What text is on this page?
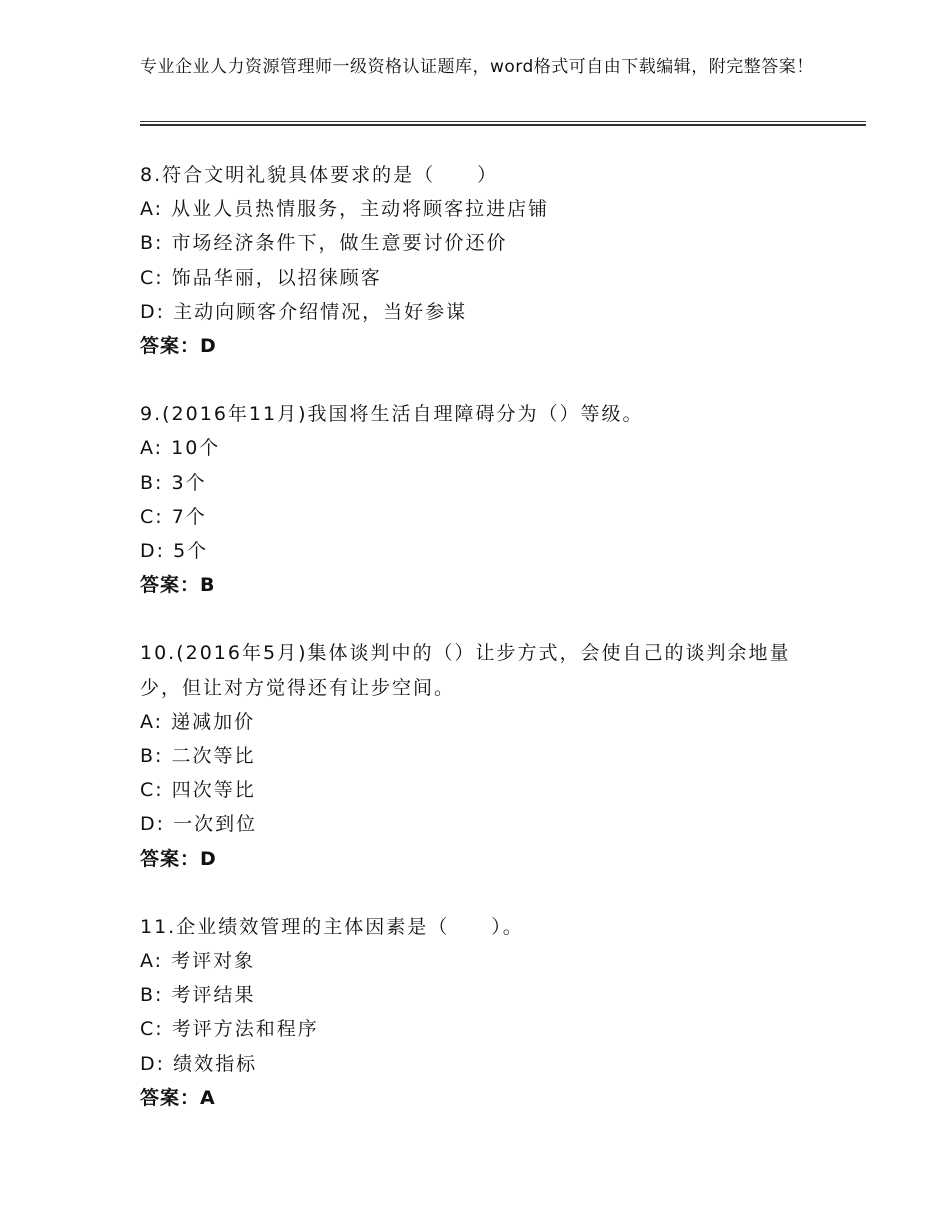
专业企业人力资源管理师一级资格认证题库，word格式可自由下载编辑，附完整答案！
8.符合文明礼貌具体要求的是（　　）
A: 从业人员热情服务，主动将顾客拉进店铺
B: 市场经济条件下，做生意要讨价还价
C: 饰品华丽，以招徕顾客
D: 主动向顾客介绍情况，当好参谋
答案：D
9.(2016年11月)我国将生活自理障碍分为（）等级。
A: 10个
B: 3个
C: 7个
D: 5个
答案：B
10.(2016年5月)集体谈判中的（）让步方式，会使自己的谈判余地量少，但让对方觉得还有让步空间。
A: 递减加价
B: 二次等比
C: 四次等比
D: 一次到位
答案：D
11.企业绩效管理的主体因素是（　　）。
A: 考评对象
B: 考评结果
C: 考评方法和程序
D: 绩效指标
答案：A
